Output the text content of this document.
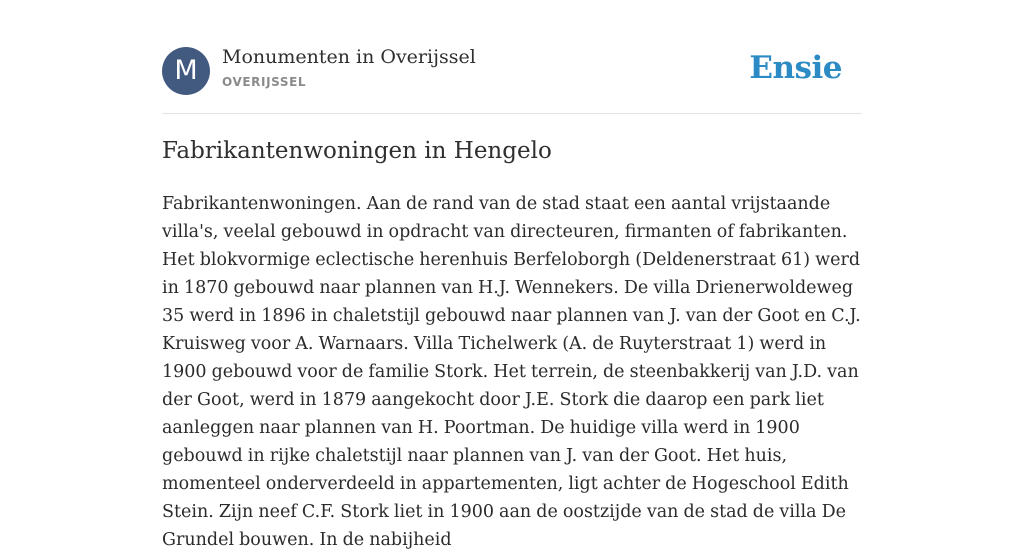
M	Monumenten in Overijssel
OVERIJSSEL	Ensie
Fabrikantenwoningen in Hengelo

Fabrikantenwoningen. Aan de rand van de stad staat een aantal vrijstaande villa's, veelal gebouwd in opdracht van directeuren, firmanten of fabrikanten. Het blokvormige eclectische herenhuis Berfeloborgh (Deldenerstraat 61) werd in 1870 gebouwd naar plannen van H.J. Wennekers. De villa Drienerwoldeweg 35 werd in 1896 in chaletstijl gebouwd naar plannen van J. van der Goot en C.J. Kruisweg voor A. Warnaars. Villa Tichelwerk (A. de Ruyterstraat 1) werd in 1900 gebouwd voor de familie Stork. Het terrein, de steenbakkerij van J.D. van der Goot, werd in 1879 aangekocht door J.E. Stork die daarop een park liet aanleggen naar plannen van H. Poortman. De huidige villa werd in 1900 gebouwd in rijke chaletstijl naar plannen van J. van der Goot. Het huis, momenteel onderverdeeld in appartementen, ligt achter de Hogeschool Edith Stein. Zijn neef C.F. Stork liet in 1900 aan de oostzijde van de stad de villa De Grundel bouwen. In de nabijheid
